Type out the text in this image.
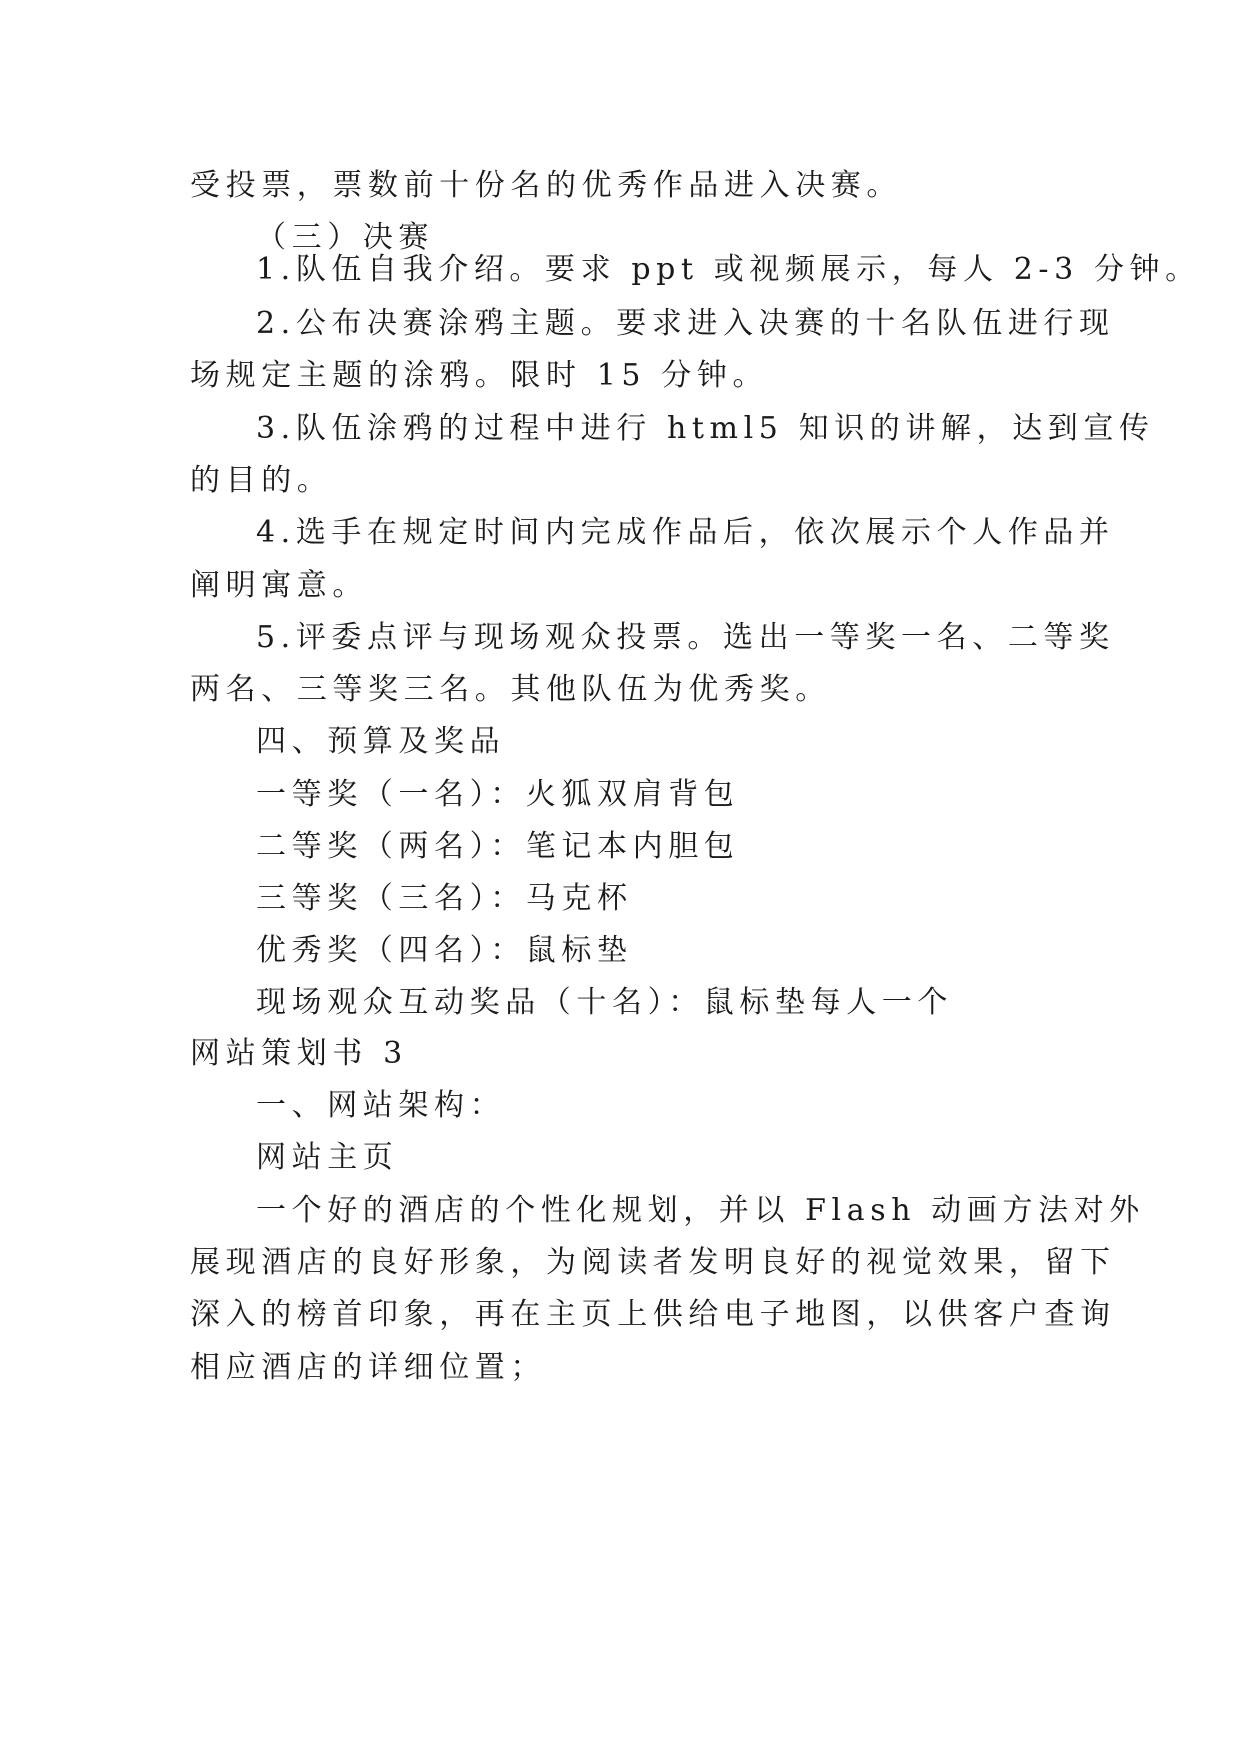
受投票，票数前十份名的优秀作品进入决赛。
（三）决赛
1.队伍自我介绍。要求 ppt 或视频展示，每人 2-3 分钟。
2.公布决赛涂鸦主题。要求进入决赛的十名队伍进行现
场规定主题的涂鸦。限时 15 分钟。
3.队伍涂鸦的过程中进行 html5 知识的讲解，达到宣传
的目的。
4.选手在规定时间内完成作品后，依次展示个人作品并
阐明寓意。
5.评委点评与现场观众投票。选出一等奖一名、二等奖
两名、三等奖三名。其他队伍为优秀奖。
四、预算及奖品
一等奖（一名）：火狐双肩背包
二等奖（两名）：笔记本内胆包
三等奖（三名）：马克杯
优秀奖（四名）：鼠标垫
现场观众互动奖品（十名）：鼠标垫每人一个
网站策划书 3
一、网站架构：
网站主页
一个好的酒店的个性化规划，并以 Flash 动画方法对外
展现酒店的良好形象，为阅读者发明良好的视觉效果，留下
深入的榜首印象，再在主页上供给电子地图，以供客户查询
相应酒店的详细位置；
